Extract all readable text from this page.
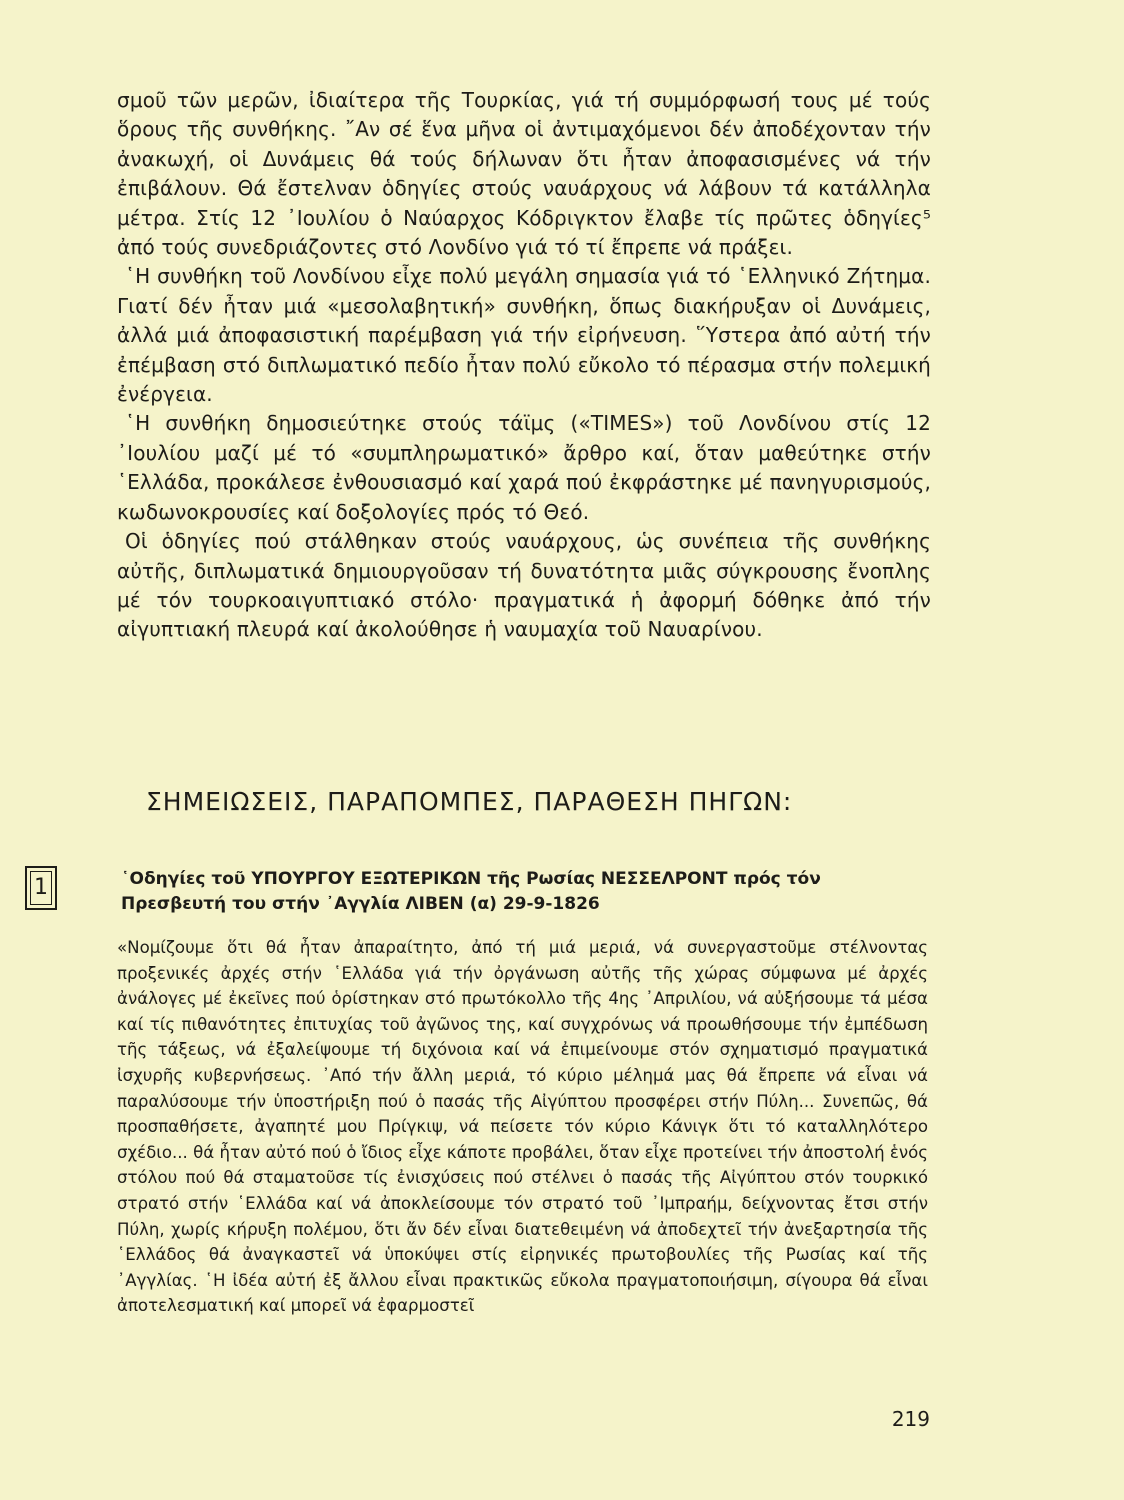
σμοῦ τῶν μερῶν, ἰδιαίτερα τῆς Τουρκίας, γιά τή συμμόρφωσή τους μέ τούς ὅρους τῆς συνθήκης. ῎Αν σέ ἕνα μῆνα οἱ ἀντιμαχόμενοι δέν ἀποδέχονταν τήν ἀνακωχή, οἱ Δυνάμεις θά τούς δήλωναν ὅτι ἦταν ἀποφασισμένες νά τήν ἐπιβάλουν. Θά ἔστελναν ὁδηγίες στούς ναυάρχους νά λάβουν τά κατάλληλα μέτρα. Στίς 12 ᾿Ιουλίου ὁ Ναύαρχος Κόδριγκτον ἔλαβε τίς πρῶτες ὁδηγίες⁵ ἀπό τούς συνεδριάζοντες στό Λονδίνο γιά τό τί ἔπρεπε νά πράξει.

῾Η συνθήκη τοῦ Λονδίνου εἶχε πολύ μεγάλη σημασία γιά τό ῾Ελληνικό Ζήτημα. Γιατί δέν ἦταν μιά «μεσολαβητική» συνθήκη, ὅπως διακήρυξαν οἱ Δυνάμεις, ἀλλά μιά ἀποφασιστική παρέμβαση γιά τήν εἰρήνευση. ῞Υστερα ἀπό αὐτή τήν ἐπέμβαση στό διπλωματικό πεδίο ἦταν πολύ εὔκολο τό πέρασμα στήν πολεμική ἐνέργεια.

῾Η συνθήκη δημοσιεύτηκε στούς τάϊμς («TIMES») τοῦ Λονδίνου στίς 12 ᾿Ιουλίου μαζί μέ τό «συμπληρωματικό» ἄρθρο καί, ὅταν μαθεύτηκε στήν ῾Ελλάδα, προκάλεσε ἐνθουσιασμό καί χαρά πού ἐκφράστηκε μέ πανηγυρισμούς, κωδωνοκρουσίες καί δοξολογίες πρός τό Θεό.

Οἱ ὁδηγίες πού στάλθηκαν στούς ναυάρχους, ὡς συνέπεια τῆς συνθήκης αὐτῆς, διπλωματικά δημιουργοῦσαν τή δυνατότητα μιᾶς σύγκρουσης ἔνοπλης μέ τόν τουρκοαιγυπτιακό στόλο· πραγματικά ἡ ἀφορμή δόθηκε ἀπό τήν αἰγυπτιακή πλευρά καί ἀκολούθησε ἡ ναυμαχία τοῦ Ναυαρίνου.

ΣΗΜΕΙΩΣΕΙΣ, ΠΑΡΑΠΟΜΠΕΣ, ΠΑΡΑΘΕΣΗ ΠΗΓΩΝ:
1	῾Οδηγίες τοῦ ΥΠΟΥΡΓΟΥ ΕΞΩΤΕΡΙΚΩΝ τῆς Ρωσίας ΝΕΣΣΕΛΡΟΝΤ πρός τόν Πρεσβευτή του στήν ᾿Αγγλία ΛΙΒΕΝ (α) 29-9-1826

«Νομίζουμε ὅτι θά ἦταν ἀπαραίτητο, ἀπό τή μιά μεριά, νά συνεργαστοῦμε στέλνοντας προξενικές ἀρχές στήν ῾Ελλάδα γιά τήν ὀργάνωση αὐτῆς τῆς χώρας σύμφωνα μέ ἀρχές ἀνάλογες μέ ἐκεῖνες πού ὁρίστηκαν στό πρωτόκολλο τῆς 4ης ᾿Απριλίου, νά αὐξήσουμε τά μέσα καί τίς πιθανότητες ἐπιτυχίας τοῦ ἀγῶνος της, καί συγχρόνως νά προωθήσουμε τήν ἐμπέδωση τῆς τάξεως, νά ἐξαλείψουμε τή διχόνοια καί νά ἐπιμείνουμε στόν σχηματισμό πραγματικά ἰσχυρῆς κυβερνήσεως. ᾿Από τήν ἄλλη μεριά, τό κύριο μέλημά μας θά ἔπρεπε νά εἶναι νά παραλύσουμε τήν ὑποστήριξη πού ὁ πασάς τῆς Αἰγύπτου προσφέρει στήν Πύλη... Συνεπῶς, θά προσπαθήσετε, ἀγαπητέ μου Πρίγκιψ, νά πείσετε τόν κύριο Κάνιγκ ὅτι τό καταλληλότερο σχέδιο... θά ἦταν αὐτό πού ὁ ἴδιος εἶχε κάποτε προβάλει, ὅταν εἶχε προτείνει τήν ἀποστολή ἑνός στόλου πού θά σταματοῦσε τίς ἐνισχύσεις πού στέλνει ὁ πασάς τῆς Αἰγύπτου στόν τουρκικό στρατό στήν ῾Ελλάδα καί νά ἀποκλείσουμε τόν στρατό τοῦ ᾿Ιμπραήμ, δείχνοντας ἔτσι στήν Πύλη, χωρίς κήρυξη πολέμου, ὅτι ἄν δέν εἶναι διατεθειμένη νά ἀποδεχτεῖ τήν ἀνεξαρτησία τῆς ῾Ελλάδος θά ἀναγκαστεῖ νά ὑποκύψει στίς εἰρηνικές πρωτοβουλίες τῆς Ρωσίας καί τῆς ᾿Αγγλίας. ῾Η ἰδέα αὐτή ἐξ ἄλλου εἶναι πρακτικῶς εὔκολα πραγματοποιήσιμη, σίγουρα θά εἶναι ἀποτελεσματική καί μπορεῖ νά ἐφαρμοστεῖ

219
